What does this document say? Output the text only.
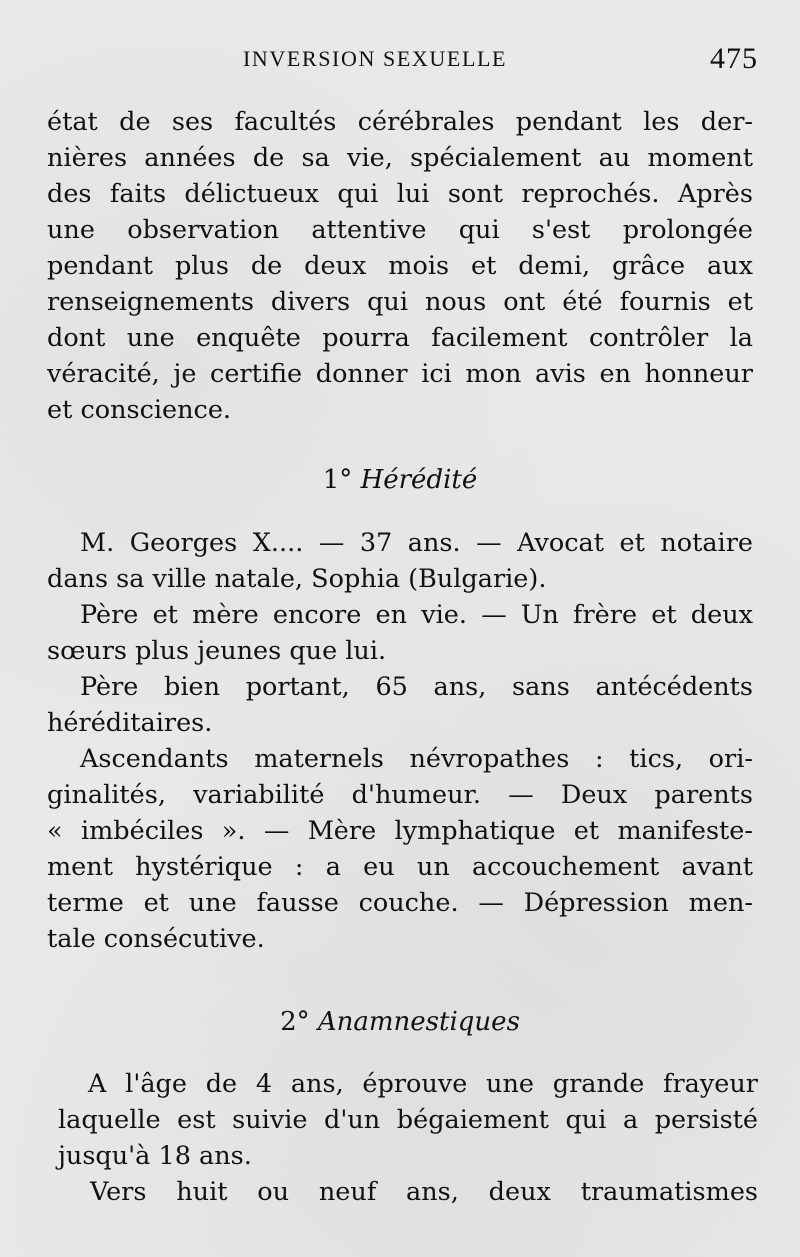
INVERSION SEXUELLE	475
état de ses facultés cérébrales pendant les der-
nières années de sa vie, spécialement au moment
des faits délictueux qui lui sont reprochés. Après
une observation attentive qui s'est prolongée
pendant plus de deux mois et demi, grâce aux
renseignements divers qui nous ont été fournis et
dont une enquête pourra facilement contrôler la
véracité, je certifie donner ici mon avis en honneur
et conscience.
1° Hérédité
M. Georges X.... — 37 ans. — Avocat et notaire
dans sa ville natale, Sophia (Bulgarie).
Père et mère encore en vie. — Un frère et deux
sœurs plus jeunes que lui.
Père bien portant, 65 ans, sans antécédents
héréditaires.
Ascendants maternels névropathes : tics, ori-
ginalités, variabilité d'humeur. — Deux parents
« imbéciles ». — Mère lymphatique et manifeste-
ment hystérique : a eu un accouchement avant
terme et une fausse couche. — Dépression men-
tale consécutive.
2° Anamnestiques
A l'âge de 4 ans, éprouve une grande frayeur
laquelle est suivie d'un bégaiement qui a persisté
jusqu'à 18 ans.
Vers huit ou neuf ans, deux traumatismes
